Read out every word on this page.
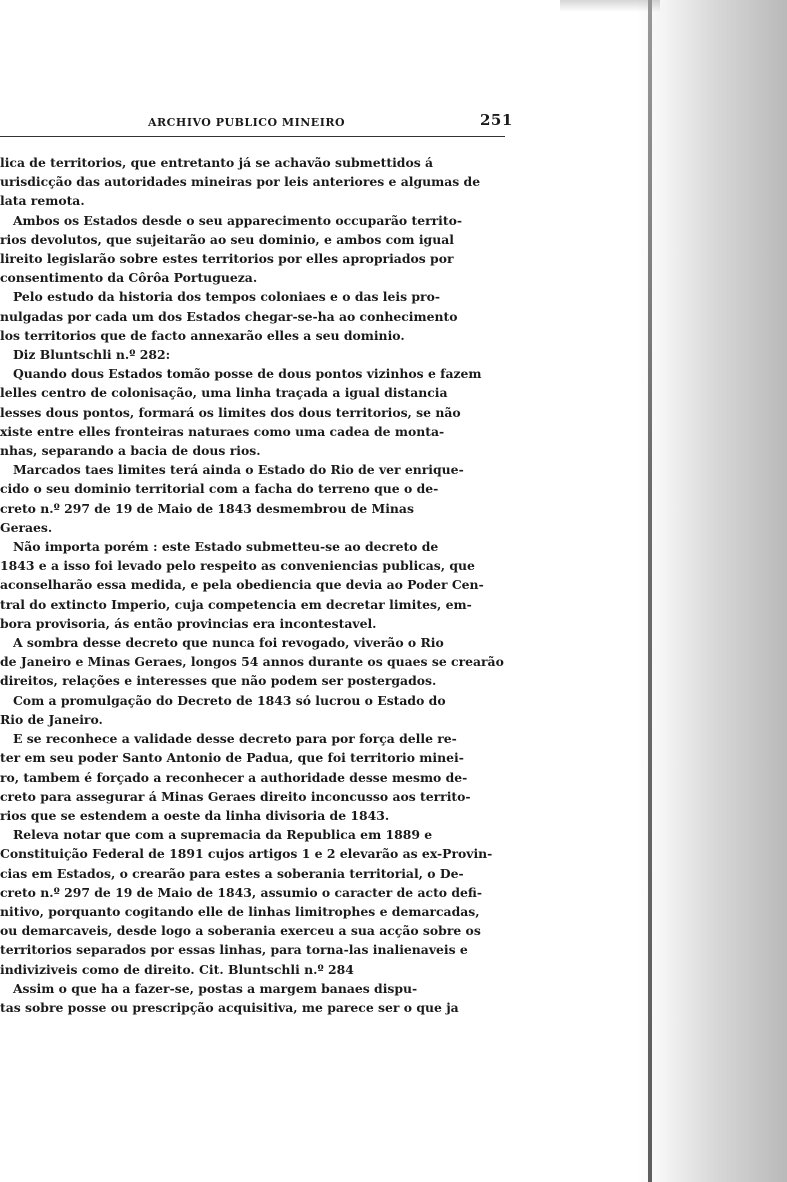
ARCHIVO PUBLICO MINEIRO	251

lica de territorios, que entretanto já se achavão submettidos á

urisdicção das autoridades mineiras por leis anteriores e algumas de

lata remota.

Ambos os Estados desde o seu apparecimento occuparão territo-

rios devolutos, que sujeitarão ao seu dominio, e ambos com igual

lireito legislarão sobre estes territorios por elles apropriados por

consentimento da Côrôa Portugueza.

Pelo estudo da historia dos tempos coloniaes e o das leis pro-

nulgadas por cada um dos Estados chegar-se-ha ao conhecimento

los territorios que de facto annexarão elles a seu dominio.

Diz Bluntschli n.º 282:

Quando dous Estados tomão posse de dous pontos vizinhos e fazem

lelles centro de colonisação, uma linha traçada a igual distancia

lesses dous pontos, formará os limites dos dous territorios, se não

xiste entre elles fronteiras naturaes como uma cadea de monta-

nhas, separando a bacia de dous rios.

Marcados taes limites terá ainda o Estado do Rio de ver enrique-

cido o seu dominio territorial com a facha do terreno que o de-

creto n.º 297 de 19 de Maio de 1843 desmembrou de Minas

Geraes.

Não importa porém : este Estado submetteu-se ao decreto de

1843 e a isso foi levado pelo respeito as conveniencias publicas, que

aconselharão essa medida, e pela obediencia que devia ao Poder Cen-

tral do extincto Imperio, cuja competencia em decretar limites, em-

bora provisoria, ás então provincias era incontestavel.

A sombra desse decreto que nunca foi revogado, viverão o Rio

de Janeiro e Minas Geraes, longos 54 annos durante os quaes se crearão

direitos, relações e interesses que não podem ser postergados.

Com a promulgação do Decreto de 1843 só lucrou o Estado do

Rio de Janeiro.

E se reconhece a validade desse decreto para por força delle re-

ter em seu poder Santo Antonio de Padua, que foi territorio minei-

ro, tambem é forçado a reconhecer a authoridade desse mesmo de-

creto para assegurar á Minas Geraes direito inconcusso aos territo-

rios que se estendem a oeste da linha divisoria de 1843.

Releva notar que com a supremacia da Republica em 1889 e

Constituição Federal de 1891 cujos artigos 1 e 2 elevarão as ex-Provin-

cias em Estados, o crearão para estes a soberania territorial, o De-

creto n.º 297 de 19 de Maio de 1843, assumio o caracter de acto defi-

nitivo, porquanto cogitando elle de linhas limitrophes e demarcadas,

ou demarcaveis, desde logo a soberania exerceu a sua acção sobre os

territorios separados por essas linhas, para torna-las inalienaveis e

indiviziveis como de direito. Cit. Bluntschli n.º 284

Assim o que ha a fazer-se, postas a margem banaes dispu-

tas sobre posse ou prescripção acquisitiva, me parece ser o que ja
